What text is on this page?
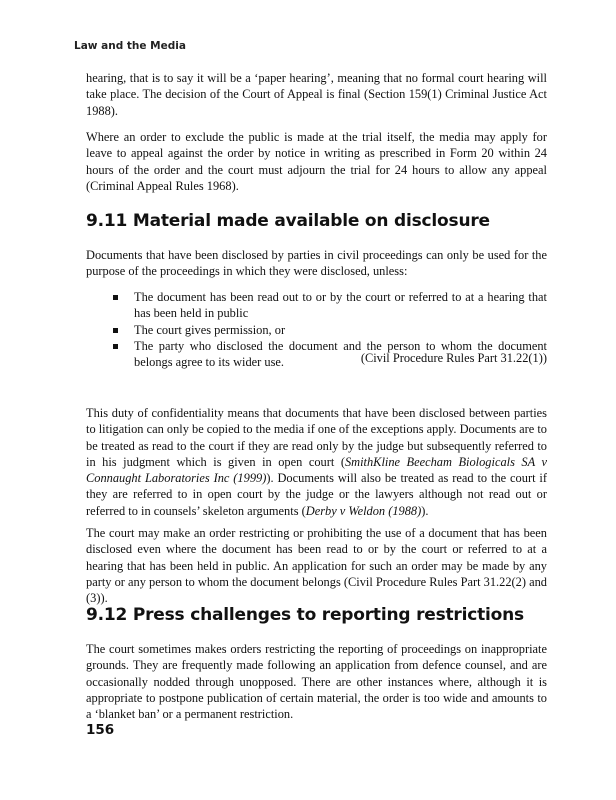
Law and the Media

hearing, that is to say it will be a ‘paper hearing’, meaning that no formal court hearing will take place. The decision of the Court of Appeal is final (Section 159(1) Criminal Justice Act 1988).

Where an order to exclude the public is made at the trial itself, the media may apply for leave to appeal against the order by notice in writing as prescribed in Form 20 within 24 hours of the order and the court must adjourn the trial for 24 hours to allow any appeal (Criminal Appeal Rules 1968).

9.11 Material made available on disclosure

Documents that have been disclosed by parties in civil proceedings can only be used for the purpose of the proceedings in which they were disclosed, unless:

The document has been read out to or by the court or referred to at a hearing that has been held in public
The court gives permission, or
The party who disclosed the document and the person to whom the document belongs agree to its wider use.	(Civil Procedure Rules Part 31.22(1))

This duty of confidentiality means that documents that have been disclosed between parties to litigation can only be copied to the media if one of the exceptions apply. Documents are to be treated as read to the court if they are read only by the judge but subsequently referred to in his judgment which is given in open court (SmithKline Beecham Biologicals SA v Connaught Laboratories Inc (1999)). Documents will also be treated as read to the court if they are referred to in open court by the judge or the lawyers although not read out or referred to in counsels’ skeleton arguments (Derby v Weldon (1988)).

The court may make an order restricting or prohibiting the use of a document that has been disclosed even where the document has been read to or by the court or referred to at a hearing that has been held in public. An application for such an order may be made by any party or any person to whom the document belongs (Civil Procedure Rules Part 31.22(2) and (3)).

9.12 Press challenges to reporting restrictions

The court sometimes makes orders restricting the reporting of proceedings on inappropriate grounds. They are frequently made following an application from defence counsel, and are occasionally nodded through unopposed. There are other instances where, although it is appropriate to postpone publication of certain material, the order is too wide and amounts to a ‘blanket ban’ or a permanent restriction.

156
